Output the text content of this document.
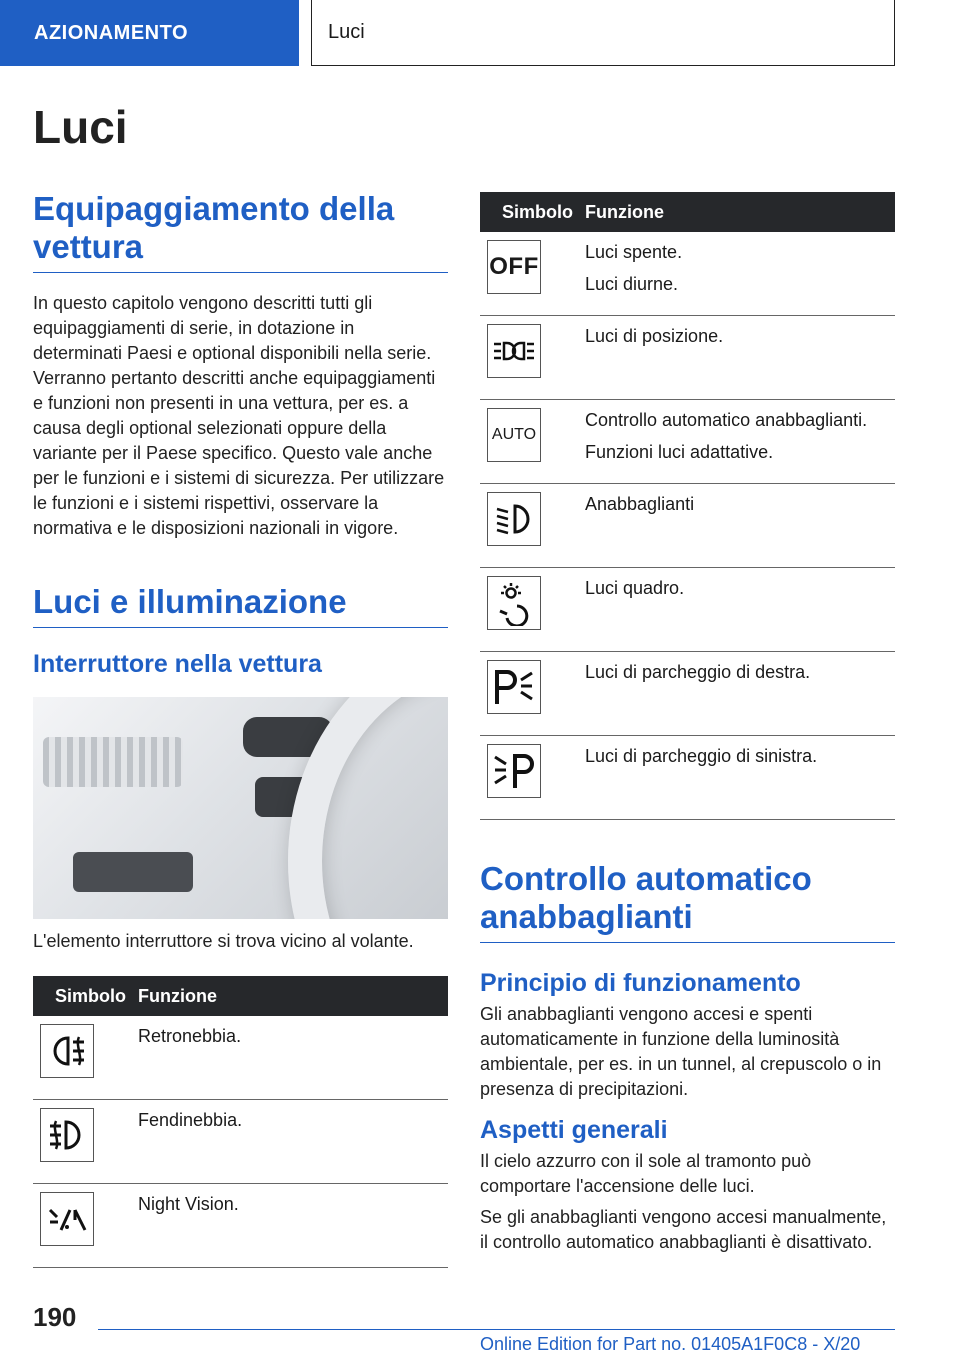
AZIONAMENTO	Luci
Luci
Equipaggiamento della vettura

In questo capitolo vengono descritti tutti gli equipaggiamenti di serie, in dotazione in determinati Paesi e optional disponibili nella serie. Verranno pertanto descritti anche equipaggiamenti e funzioni non presenti in una vettura, per es. a causa degli optional selezionati oppure della variante per il Paese specifico. Questo vale anche per le funzioni e i sistemi di sicurezza. Per utilizzare le funzioni e i sistemi rispettivi, osservare la normativa e le disposizioni nazionali in vigore.

Luci e illuminazione
Interruttore nella vettura

L'elemento interruttore si trova vicino al volante.

Simbolo	Funzione

	Retronebbia.

	Fendinebbia.

	Night Vision.
Simbolo	Funzione

OFF	Luci spente.
Luci diurne.

	Luci di posizione.

AUTO	Controllo automatico anabbaglianti.
Funzioni luci adattative.

	Anabbaglianti

	Luci quadro.

	Luci di parcheggio di destra.

	Luci di parcheggio di sinistra.
Controllo automatico anabbaglianti
Principio di funzionamento

Gli anabbaglianti vengono accesi e spenti automaticamente in funzione della luminosità ambientale, per es. in un tunnel, al crepuscolo o in presenza di precipitazioni.

Aspetti generali

Il cielo azzurro con il sole al tramonto può comportare l'accensione delle luci.

Se gli anabbaglianti vengono accesi manualmente, il controllo automatico anabbaglianti è disattivato.

190
Online Edition for Part no. 01405A1F0C8 - X/20
